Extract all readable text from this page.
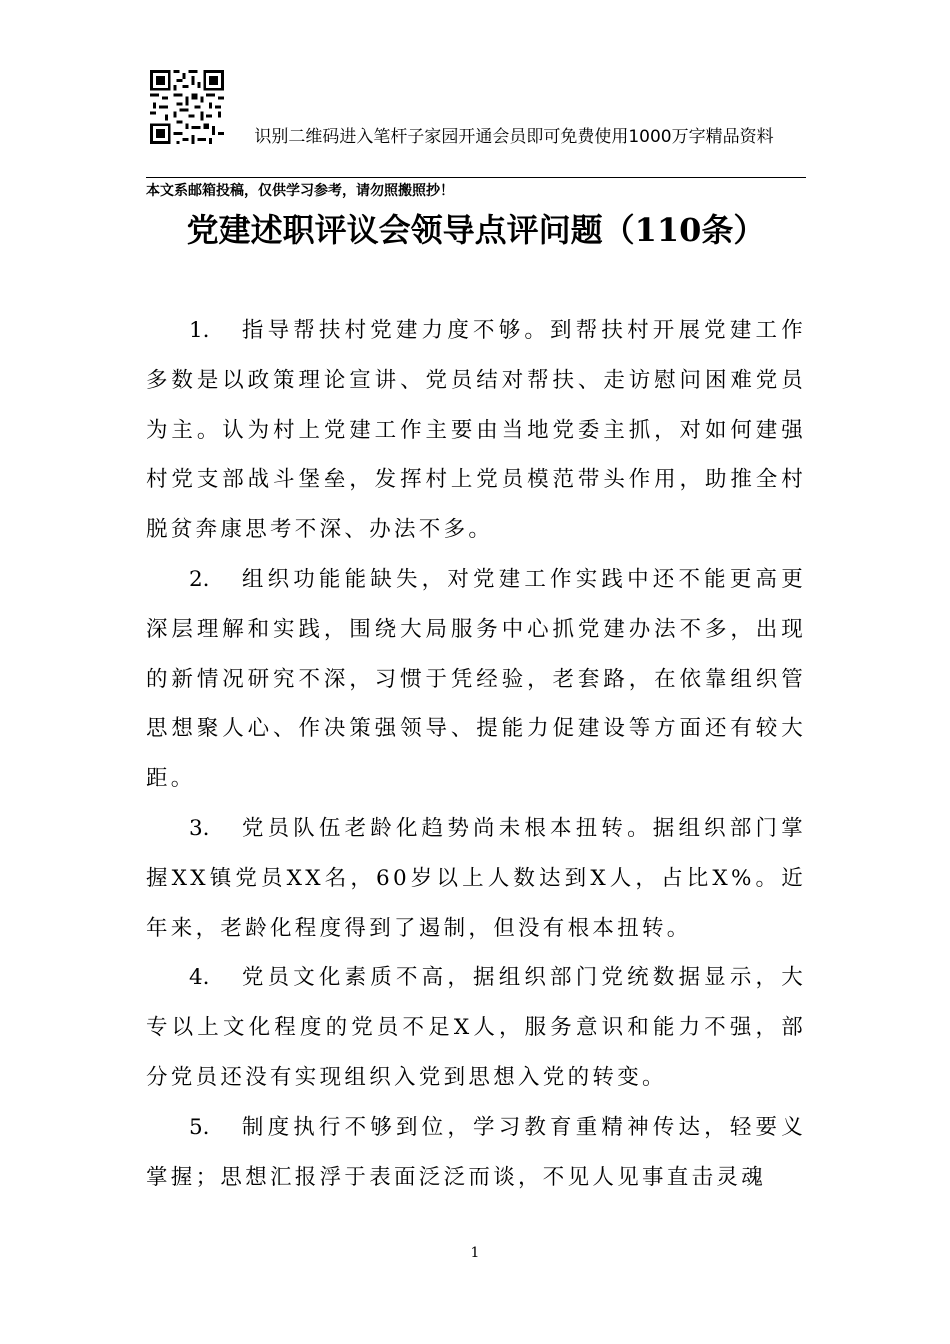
识别二维码进入笔杆子家园开通会员即可免费使用1000万字精品资料
本文系邮箱投稿，仅供学习参考，请勿照搬照抄！
党建述职评议会领导点评问题（110条）

1. 指导帮扶村党建力度不够。到帮扶村开展党建工作多数是以政策理论宣讲、党员结对帮扶、走访慰问困难党员为主。认为村上党建工作主要由当地党委主抓，对如何建强村党支部战斗堡垒，发挥村上党员模范带头作用，助推全村脱贫奔康思考不深、办法不多。

2. 组织功能能缺失，对党建工作实践中还不能更高更深层理解和实践，围绕大局服务中心抓党建办法不多，出现的新情况研究不深，习惯于凭经验，老套路，在依靠组织管思想聚人心、作决策强领导、提能力促建设等方面还有较大距。

3. 党员队伍老龄化趋势尚未根本扭转。据组织部门掌握XX镇党员XX名，60岁以上人数达到X人，占比X%。近年来，老龄化程度得到了遏制，但没有根本扭转。

4. 党员文化素质不高，据组织部门党统数据显示，大专以上文化程度的党员不足X人，服务意识和能力不强，部分党员还没有实现组织入党到思想入党的转变。

5. 制度执行不够到位，学习教育重精神传达，轻要义掌握；思想汇报浮于表面泛泛而谈，不见人见事直击灵魂

1
